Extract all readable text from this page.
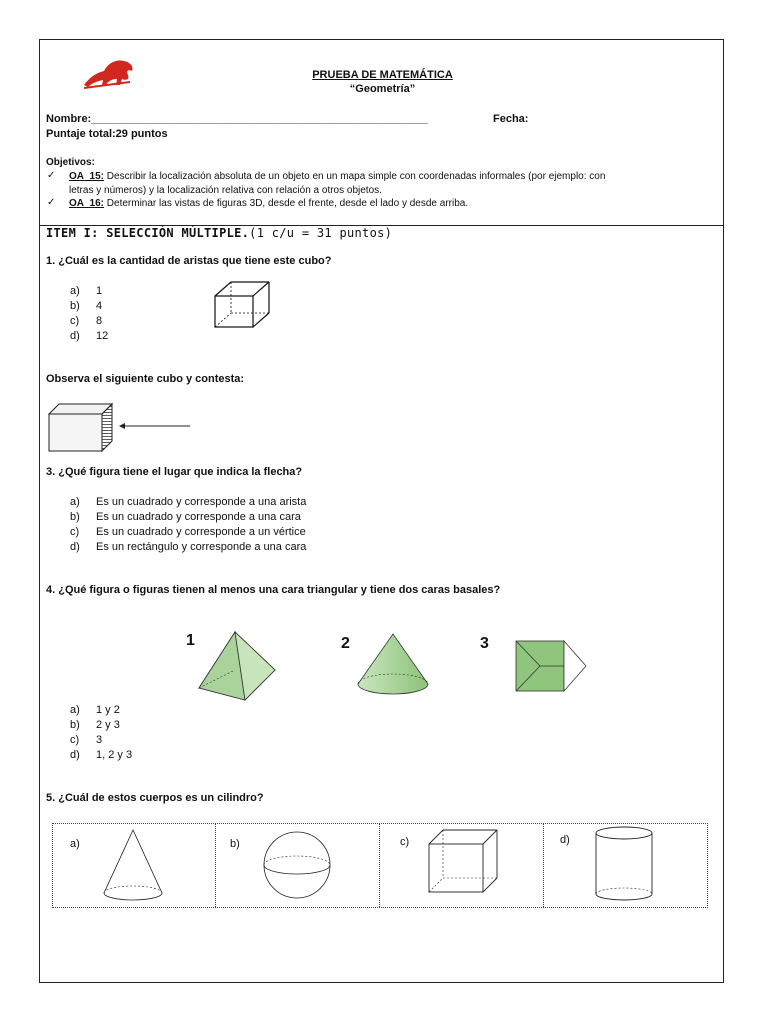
PRUEBA DE MATEMÁTICA
“Geometría”
Nombre:_______________________________________________________	Fecha:
Puntaje total:29 puntos
Objetivos:
✓ OA_15: Describir la localización absoluta de un objeto en un mapa simple con coordenadas informales (por ejemplo: con
letras y números) y la localización relativa con relación a otros objetos.
✓ OA_16: Determinar las vistas de figuras 3D, desde el frente, desde el lado y desde arriba.
ITEM I: SELECCIÓN MÚLTIPLE.(1 c/u = 31 puntos)
1. ¿Cuál es la cantidad de aristas que tiene este cubo?
a) 1
b) 4
c) 8
d) 12
Observa el siguiente cubo y contesta:
3. ¿Qué figura tiene el lugar que indica la flecha?
a) Es un cuadrado y corresponde a una arista
b) Es un cuadrado y corresponde a una cara
c) Es un cuadrado y corresponde a un vértice
d) Es un rectángulo y corresponde a una cara
4. ¿Qué figura o figuras tienen al menos una cara triangular y tiene dos caras basales?
1	2	3
a) 1 y 2
b) 2 y 3
c) 3
d) 1, 2 y 3
5. ¿Cuál de estos cuerpos es un cilindro?
a)	b)	c)	d)
